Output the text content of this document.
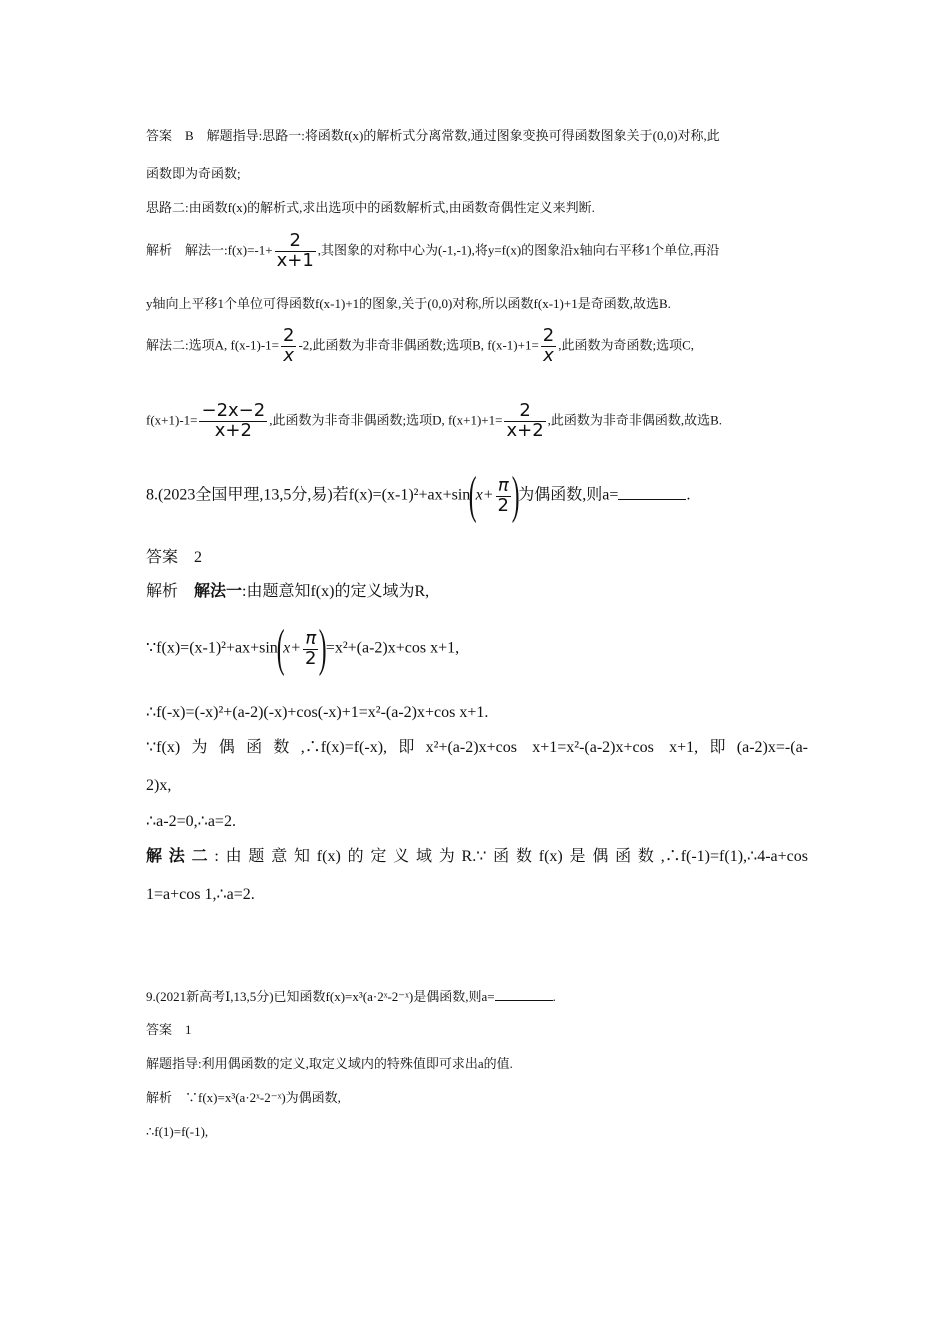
答案　B　解题指导:思路一:将函数f(x)的解析式分离常数,通过图象变换可得函数图象关于(0,0)对称,此
函数即为奇函数;
思路二:由函数f(x)的解析式,求出选项中的函数解析式,由函数奇偶性定义来判断.
解析　解法一:f(x)=-1+ $\frac{2}{x+1}$ ,其图象的对称中心为(-1,-1),将y=f(x)的图象沿x轴向右平移1个单位,再沿
y轴向上平移1个单位可得函数f(x-1)+1的图象,关于(0,0)对称,所以函数f(x-1)+1是奇函数,故选B.
解法二:选项A, $f(x-1)-1= \frac{2}{x} -2$,此函数为非奇非偶函数;选项B, $f(x-1)+1= \frac{2}{x}$ ,此函数为奇函数;选项C,
$f(x+1)-1= \frac{-2x-2}{x+2}$ ,此函数为非奇非偶函数;选项D, $f(x+1)+1= \frac{2}{x+2}$ ,此函数为非奇非偶函数,故选B.
8.(2023全国甲理,13,5分,易)若$f(x)=(x-1)^2+ax+\sin(x+ \frac{\pi}{2}$ )为偶函数,则a=	.
答案　2
解析　解法一:由题意知f(x)的定义域为R,
∵f(x)=(x-1)²+ax+sin(x+ $\frac{\pi}{2} )=x^2+(a-2)x+\cos$ x+1,
∴f(-x)=(-x)²+(a-2)(-x)+cos(-x)+1=x²-(a-2)x+cos x+1.
∵f(x)为偶函数,∴f(x)=f(-x),即x²+(a-2)x+cos x+1=x²-(a-2)x+cos x+1,即(a-2)x=-(a-
2)x,
∴a-2=0,∴a=2.
解法二:由题意知f(x)的定义域为R.∵函数f(x)是偶函数,∴f(-1)=f(1),∴4-a+cos
1=a+cos 1,∴a=2.
9.(2021新高考Ⅰ,13,5分)已知函数f(x)=x³(a·2ˣ-2⁻ˣ)是偶函数,则a=	.
答案　1
解题指导:利用偶函数的定义,取定义域内的特殊值即可求出a的值.
解析　∵f(x)=x³(a·2ˣ-2⁻ˣ)为偶函数,
∴f(1)=f(-1),
